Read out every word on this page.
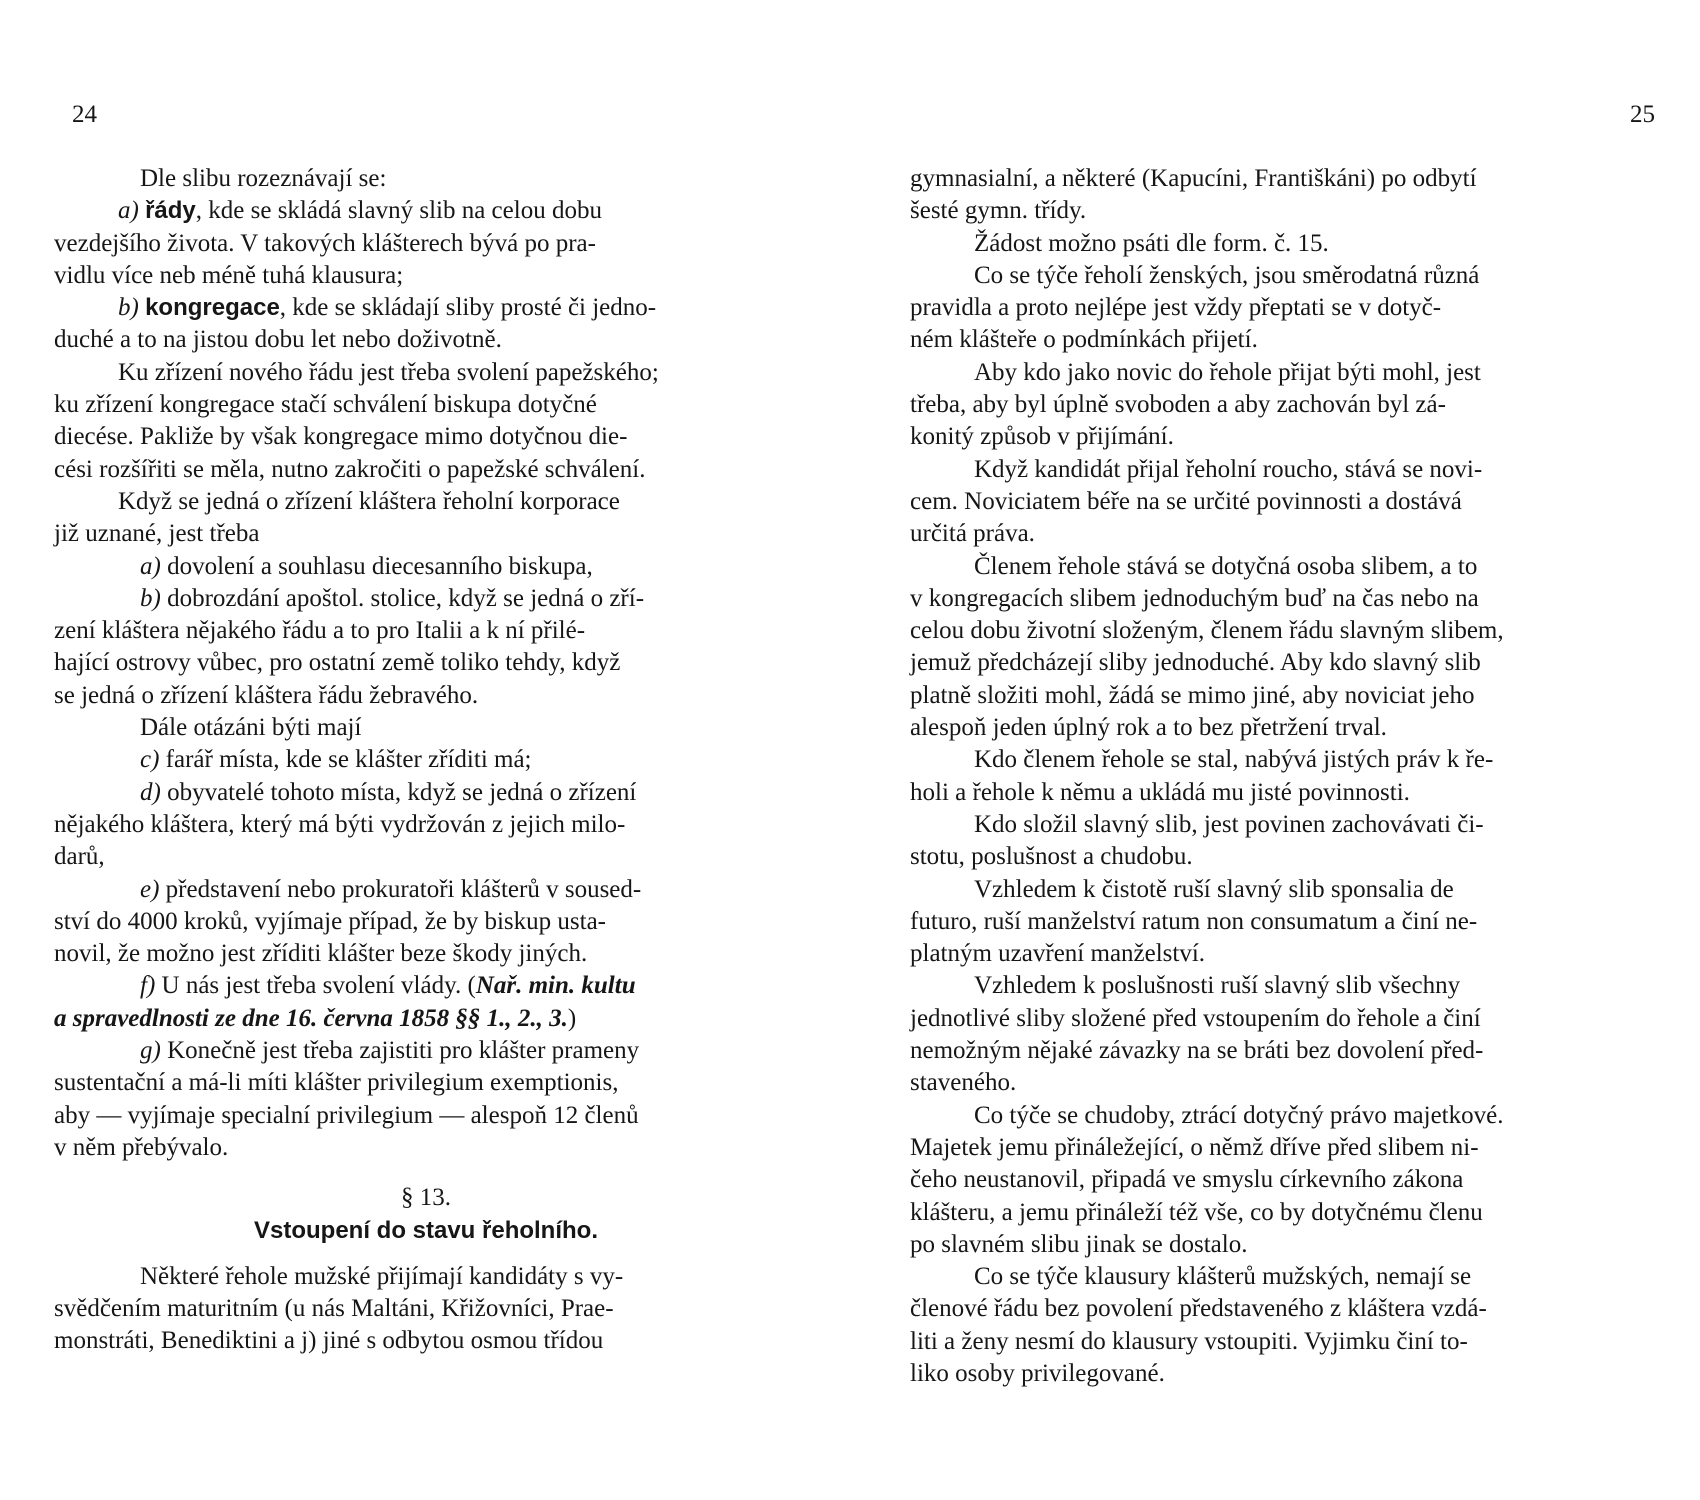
24	25
Dle slibu rozeznávají se:
a) řády, kde se skládá slavný slib na celou dobu
vezdejšího života. V takových klášterech bývá po pra-
vidlu více neb méně tuhá klausura;
b) kongregace, kde se skládají sliby prosté či jedno-
duché a to na jistou dobu let nebo doživotně.
Ku zřízení nového řádu jest třeba svolení papežského;
ku zřízení kongregace stačí schválení biskupa dotyčné
diecése. Pakliže by však kongregace mimo dotyčnou die-
cési rozšířiti se měla, nutno zakročiti o papežské schválení.
Když se jedná o zřízení kláštera řeholní korporace
již uznané, jest třeba
a) dovolení a souhlasu diecesanního biskupa,
b) dobrozdání apoštol. stolice, když se jedná o zří-
zení kláštera nějakého řádu a to pro Italii a k ní přilé-
hající ostrovy vůbec, pro ostatní země toliko tehdy, když
se jedná o zřízení kláštera řádu žebravého.
Dále otázáni býti mají
c) farář místa, kde se klášter zříditi má;
d) obyvatelé tohoto místa, když se jedná o zřízení
nějakého kláštera, který má býti vydržován z jejich milo-
darů,
e) představení nebo prokuratoři klášterů v soused-
ství do 4000 kroků, vyjímaje případ, že by biskup usta-
novil, že možno jest zříditi klášter beze škody jiných.
f) U nás jest třeba svolení vlády. (Nař. min. kultu
a spravedlnosti ze dne 16. června 1858 §§ 1., 2., 3.)
g) Konečně jest třeba zajistiti pro klášter prameny
sustentační a má-li míti klášter privilegium exemptionis,
aby — vyjímaje specialní privilegium — alespoň 12 členů
v něm přebývalo.
§ 13.
Vstoupení do stavu řeholního.
Některé řehole mužské přijímají kandidáty s vy-
svědčením maturitním (u nás Maltáni, Křižovníci, Prae-
monstráti, Benediktini a j) jiné s odbytou osmou třídou
gymnasialní, a některé (Kapucíni, Františkáni) po odbytí
šesté gymn. třídy.
Žádost možno psáti dle form. č. 15.
Co se týče řeholí ženských, jsou směrodatná různá
pravidla a proto nejlépe jest vždy přeptati se v dotyč-
ném klášteře o podmínkách přijetí.
Aby kdo jako novic do řehole přijat býti mohl, jest
třeba, aby byl úplně svoboden a aby zachován byl zá-
konitý způsob v přijímání.
Když kandidát přijal řeholní roucho, stává se novi-
cem. Noviciatem béře na se určité povinnosti a dostává
určitá práva.
Členem řehole stává se dotyčná osoba slibem, a to
v kongregacích slibem jednoduchým buď na čas nebo na
celou dobu životní složeným, členem řádu slavným slibem,
jemuž předcházejí sliby jednoduché. Aby kdo slavný slib
platně složiti mohl, žádá se mimo jiné, aby noviciat jeho
alespoň jeden úplný rok a to bez přetržení trval.
Kdo členem řehole se stal, nabývá jistých práv k ře-
holi a řehole k němu a ukládá mu jisté povinnosti.
Kdo složil slavný slib, jest povinen zachovávati či-
stotu, poslušnost a chudobu.
Vzhledem k čistotě ruší slavný slib sponsalia de
futuro, ruší manželství ratum non consumatum a činí ne-
platným uzavření manželství.
Vzhledem k poslušnosti ruší slavný slib všechny
jednotlivé sliby složené před vstoupením do řehole a činí
nemožným nějaké závazky na se bráti bez dovolení před-
staveného.
Co týče se chudoby, ztrácí dotyčný právo majetkové.
Majetek jemu přináležející, o němž dříve před slibem ni-
čeho neustanovil, připadá ve smyslu církevního zákona
klášteru, a jemu přináleží též vše, co by dotyčnému členu
po slavném slibu jinak se dostalo.
Co se týče klausury klášterů mužských, nemají se
členové řádu bez povolení představeného z kláštera vzdá-
liti a ženy nesmí do klausury vstoupiti. Vyjimku činí to-
liko osoby privilegované.
